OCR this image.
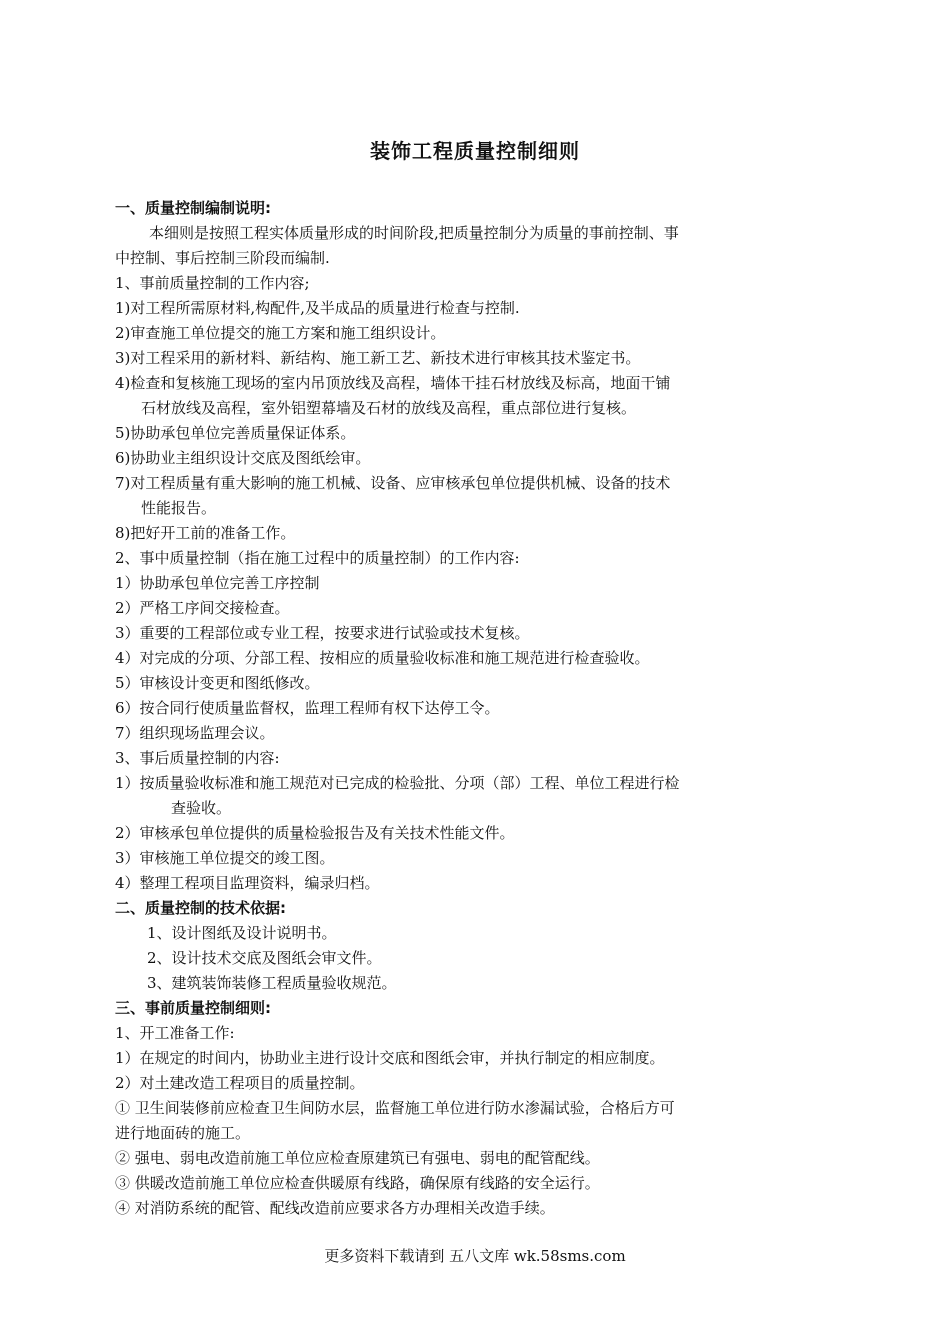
装饰工程质量控制细则
一、质量控制编制说明:
本细则是按照工程实体质量形成的时间阶段,把质量控制分为质量的事前控制、事
中控制、事后控制三阶段而编制.
1、事前质量控制的工作内容;
1)对工程所需原材料,构配件,及半成品的质量进行检查与控制.
2)审查施工单位提交的施工方案和施工组织设计。
3)对工程采用的新材料、新结构、施工新工艺、新技术进行审核其技术鉴定书。
4)检查和复核施工现场的室内吊顶放线及高程，墙体干挂石材放线及标高，地面干铺
石材放线及高程，室外铝塑幕墙及石材的放线及高程，重点部位进行复核。
5)协助承包单位完善质量保证体系。
6)协助业主组织设计交底及图纸绘审。
7)对工程质量有重大影响的施工机械、设备、应审核承包单位提供机械、设备的技术
性能报告。
8)把好开工前的准备工作。
2、事中质量控制（指在施工过程中的质量控制）的工作内容:
1）协助承包单位完善工序控制
2）严格工序间交接检查。
3）重要的工程部位或专业工程，按要求进行试验或技术复核。
4）对完成的分项、分部工程、按相应的质量验收标准和施工规范进行检查验收。
5）审核设计变更和图纸修改。
6）按合同行使质量监督权，监理工程师有权下达停工令。
7）组织现场监理会议。
3、事后质量控制的内容:
1）按质量验收标准和施工规范对已完成的检验批、分项（部）工程、单位工程进行检
查验收。
2）审核承包单位提供的质量检验报告及有关技术性能文件。
3）审核施工单位提交的竣工图。
4）整理工程项目监理资料，编录归档。
二、质量控制的技术依据:
1、设计图纸及设计说明书。
2、设计技术交底及图纸会审文件。
3、建筑装饰装修工程质量验收规范。
三、事前质量控制细则:
1、开工准备工作:
1）在规定的时间内，协助业主进行设计交底和图纸会审，并执行制定的相应制度。
2）对土建改造工程项目的质量控制。
① 卫生间装修前应检查卫生间防水层，监督施工单位进行防水渗漏试验，合格后方可
进行地面砖的施工。
② 强电、弱电改造前施工单位应检查原建筑已有强电、弱电的配管配线。
③ 供暖改造前施工单位应检查供暖原有线路，确保原有线路的安全运行。
④ 对消防系统的配管、配线改造前应要求各方办理相关改造手续。
更多资料下载请到 五八文库 wk.58sms.com
